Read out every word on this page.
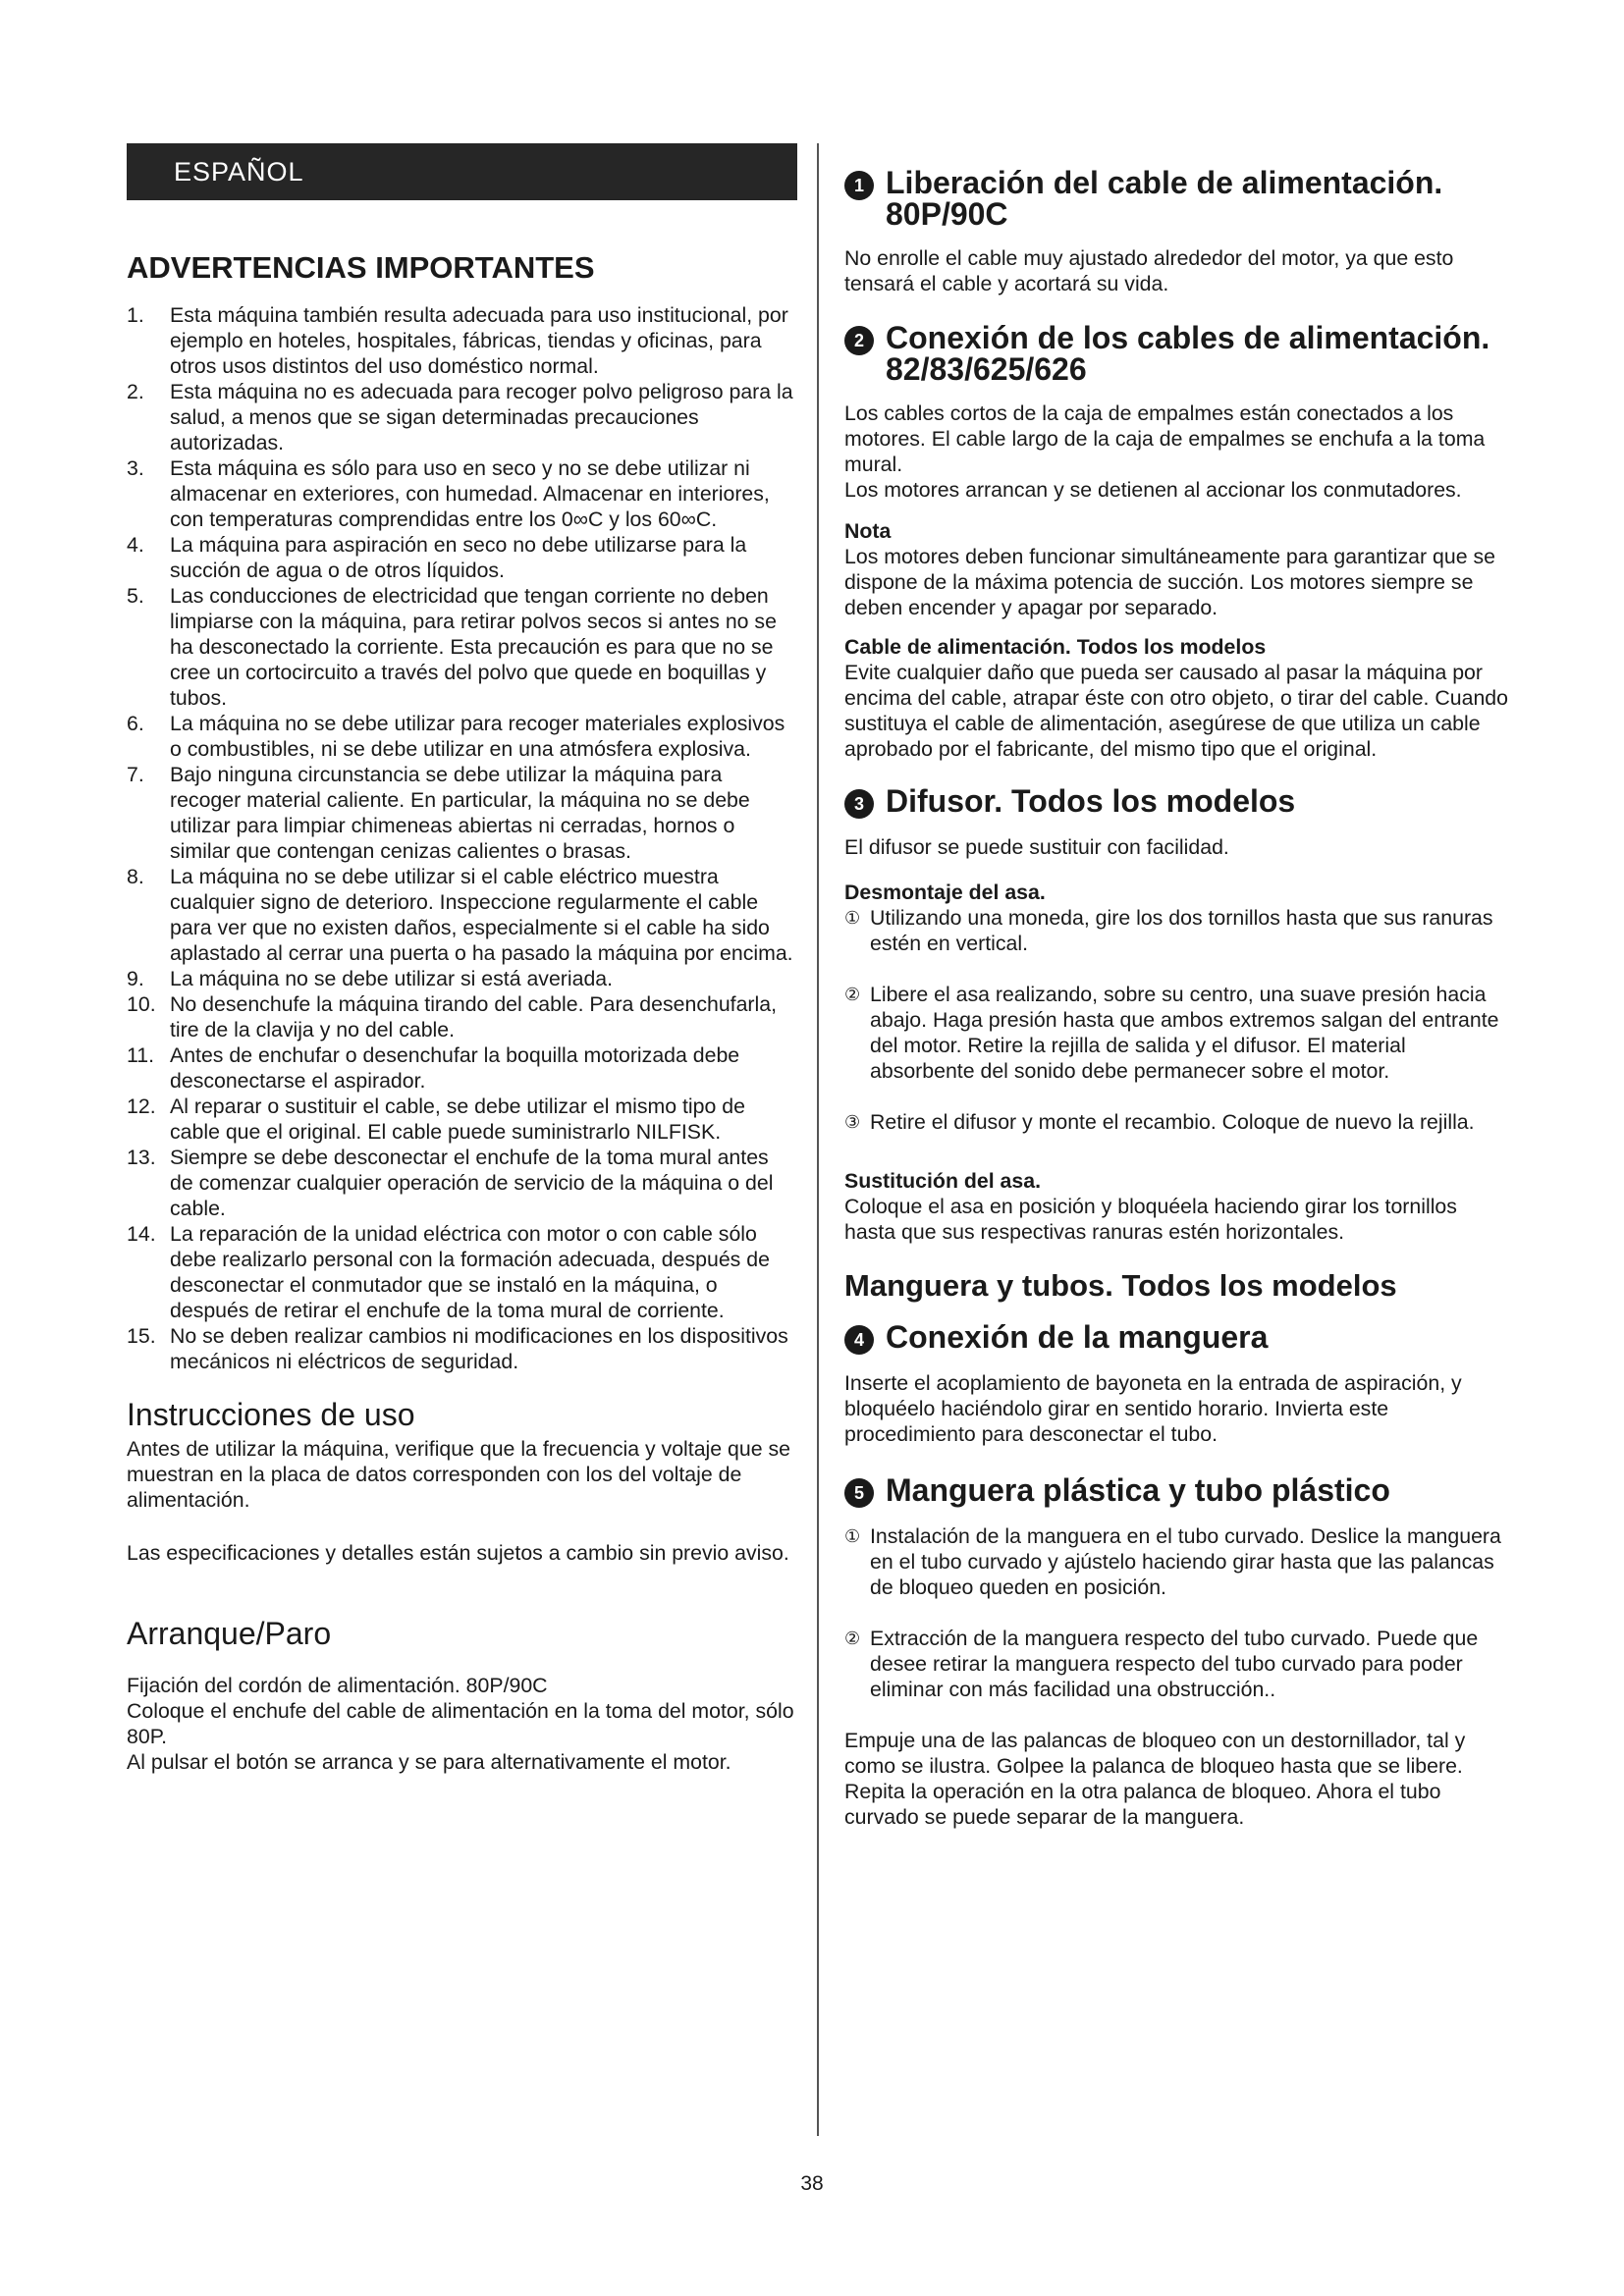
ESPAÑOL
ADVERTENCIAS IMPORTANTES
1.	Esta máquina también resulta adecuada para uso institucional, por ejemplo en hoteles, hospitales, fábricas, tiendas y oficinas, para otros usos distintos del uso doméstico normal.
2.	Esta máquina no es adecuada para recoger polvo peligroso para la salud, a menos que se sigan determinadas precauciones autorizadas.
3.	Esta máquina es sólo para uso en seco y no se debe utilizar ni almacenar en exteriores, con humedad. Almacenar en interiores, con temperaturas comprendidas entre los 0∞C y los 60∞C.
4.	La máquina para aspiración en seco no debe utilizarse para la succión de agua o de otros líquidos.
5.	Las conducciones de electricidad que tengan corriente no deben limpiarse con la máquina, para retirar polvos secos si antes no se ha desconectado la corriente. Esta precaución es para que no se cree un cortocircuito a través del polvo que quede en boquillas y tubos.
6.	La máquina no se debe utilizar para recoger materiales explosivos o combustibles, ni se debe utilizar en una atmósfera explosiva.
7.	Bajo ninguna circunstancia se debe utilizar la máquina para recoger material caliente. En particular, la máquina no se debe utilizar para limpiar chimeneas abiertas ni cerradas, hornos o similar que contengan cenizas calientes o brasas.
8.	La máquina no se debe utilizar si el cable eléctrico muestra cualquier signo de deterioro. Inspeccione regularmente el cable para ver que no existen daños, especialmente si el cable ha sido aplastado al cerrar una puerta o ha pasado la máquina por encima.
9.	La máquina no se debe utilizar si está averiada.
10. No desenchufe la máquina tirando del cable. Para desenchufarla, tire de la clavija y no del cable.
11. Antes de enchufar o desenchufar la boquilla motorizada debe desconectarse el aspirador.
12. Al reparar o sustituir el cable, se debe utilizar el mismo tipo de cable que el original. El cable puede suministrarlo NILFISK.
13. Siempre se debe desconectar el enchufe de la toma mural antes de comenzar cualquier operación de servicio de la máquina o del cable.
14. La reparación de la unidad eléctrica con motor o con cable sólo debe realizarlo personal con la formación adecuada, después de desconectar el conmutador que se instaló en la máquina, o después de retirar el enchufe de la toma mural de corriente.
15. No se deben realizar cambios ni modificaciones en los dispositivos mecánicos ni eléctricos de seguridad.
Instrucciones de uso

Antes de utilizar la máquina, verifique que la frecuencia y voltaje que se muestran en la placa de datos corresponden con los del voltaje de alimentación.

Las especificaciones y detalles están sujetos a cambio sin previo aviso.

Arranque/Paro

Fijación del cordón de alimentación. 80P/90C

Coloque el enchufe del cable de alimentación en la toma del motor, sólo 80P.

Al pulsar el botón se arranca y se para alternativamente el motor.

1 Liberación del cable de alimentación.
80P/90C

No enrolle el cable muy ajustado alrededor del motor, ya que esto tensará el cable y acortará su vida.

2 Conexión de los cables de alimentación.
82/83/625/626

Los cables cortos de la caja de empalmes están conectados a los motores. El cable largo de la caja de empalmes se enchufa a la toma mural.

Los motores arrancan y se detienen al accionar los conmutadores.

Nota

Los motores deben funcionar simultáneamente para garantizar que se dispone de la máxima potencia de succión. Los motores siempre se deben encender y apagar por separado.

Cable de alimentación. Todos los modelos

Evite cualquier daño que pueda ser causado al pasar la máquina por encima del cable, atrapar éste con otro objeto, o tirar del cable. Cuando sustituya el cable de alimentación, asegúrese de que utiliza un cable aprobado por el fabricante, del mismo tipo que el original.

3 Difusor. Todos los modelos

El difusor se puede sustituir con facilidad.

Desmontaje del asa.

① Utilizando una moneda, gire los dos tornillos hasta que sus ranuras estén en vertical.
② Libere el asa realizando, sobre su centro, una suave presión hacia abajo. Haga presión hasta que ambos extremos salgan del entrante del motor. Retire la rejilla de salida y el difusor. El material absorbente del sonido debe permanecer sobre el motor.
③ Retire el difusor y monte el recambio. Coloque de nuevo la rejilla.

Sustitución del asa.

Coloque el asa en posición y bloquéela haciendo girar los tornillos hasta que sus respectivas ranuras estén horizontales.

Manguera y tubos. Todos los modelos
4 Conexión de la manguera

Inserte el acoplamiento de bayoneta en la entrada de aspiración, y bloquéelo haciéndolo girar en sentido horario. Invierta este procedimiento para desconectar el tubo.

5 Manguera plástica y tubo plástico
① Instalación de la manguera en el tubo curvado. Deslice la manguera en el tubo curvado y ajústelo haciendo girar hasta que las palancas de bloqueo queden en posición.
② Extracción de la manguera respecto del tubo curvado. Puede que desee retirar la manguera respecto del tubo curvado para poder eliminar con más facilidad una obstrucción..

Empuje una de las palancas de bloqueo con un destornillador, tal y como se ilustra. Golpee la palanca de bloqueo hasta que se libere. Repita la operación en la otra palanca de bloqueo. Ahora el tubo curvado se puede separar de la manguera.

38
